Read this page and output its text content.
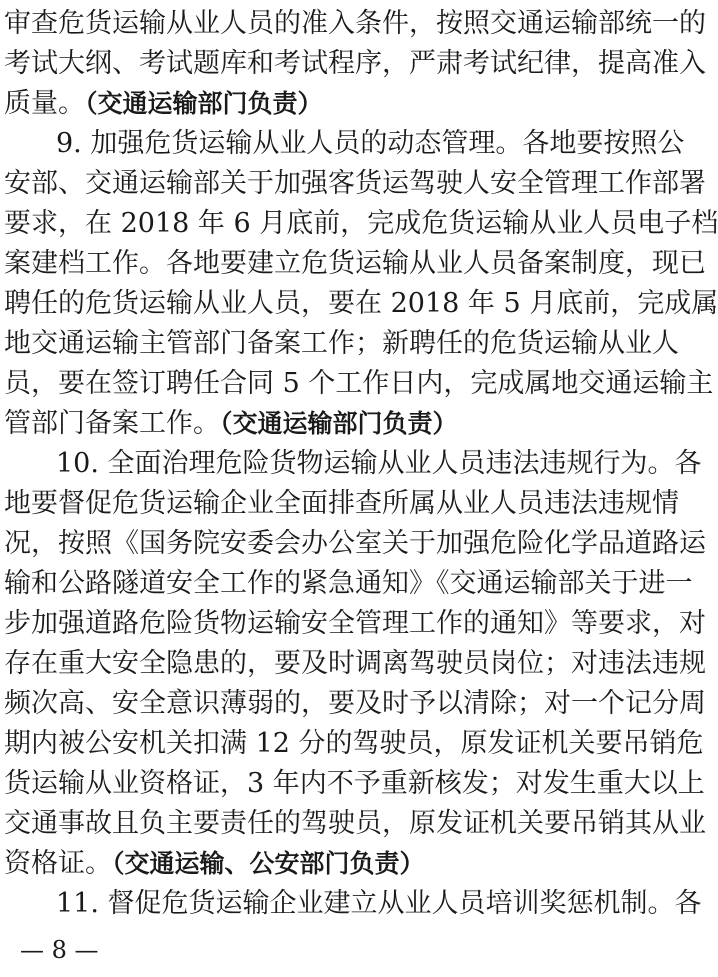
审查危货运输从业人员的准入条件，按照交通运输部统一的
考试大纲、考试题库和考试程序，严肃考试纪律，提高准入
质量。（交通运输部门负责）
9. 加强危货运输从业人员的动态管理。各地要按照公
安部、交通运输部关于加强客货运驾驶人安全管理工作部署
要求，在 2018 年 6 月底前，完成危货运输从业人员电子档
案建档工作。各地要建立危货运输从业人员备案制度，现已
聘任的危货运输从业人员，要在 2018 年 5 月底前，完成属
地交通运输主管部门备案工作；新聘任的危货运输从业人
员，要在签订聘任合同 5 个工作日内，完成属地交通运输主
管部门备案工作。（交通运输部门负责）
10. 全面治理危险货物运输从业人员违法违规行为。各
地要督促危货运输企业全面排查所属从业人员违法违规情
况，按照《国务院安委会办公室关于加强危险化学品道路运
输和公路隧道安全工作的紧急通知》《交通运输部关于进一
步加强道路危险货物运输安全管理工作的通知》等要求，对
存在重大安全隐患的，要及时调离驾驶员岗位；对违法违规
频次高、安全意识薄弱的，要及时予以清除；对一个记分周
期内被公安机关扣满 12 分的驾驶员，原发证机关要吊销危
货运输从业资格证，3 年内不予重新核发；对发生重大以上
交通事故且负主要责任的驾驶员，原发证机关要吊销其从业
资格证。（交通运输、公安部门负责）
11. 督促危货运输企业建立从业人员培训奖惩机制。各
— 8 —
